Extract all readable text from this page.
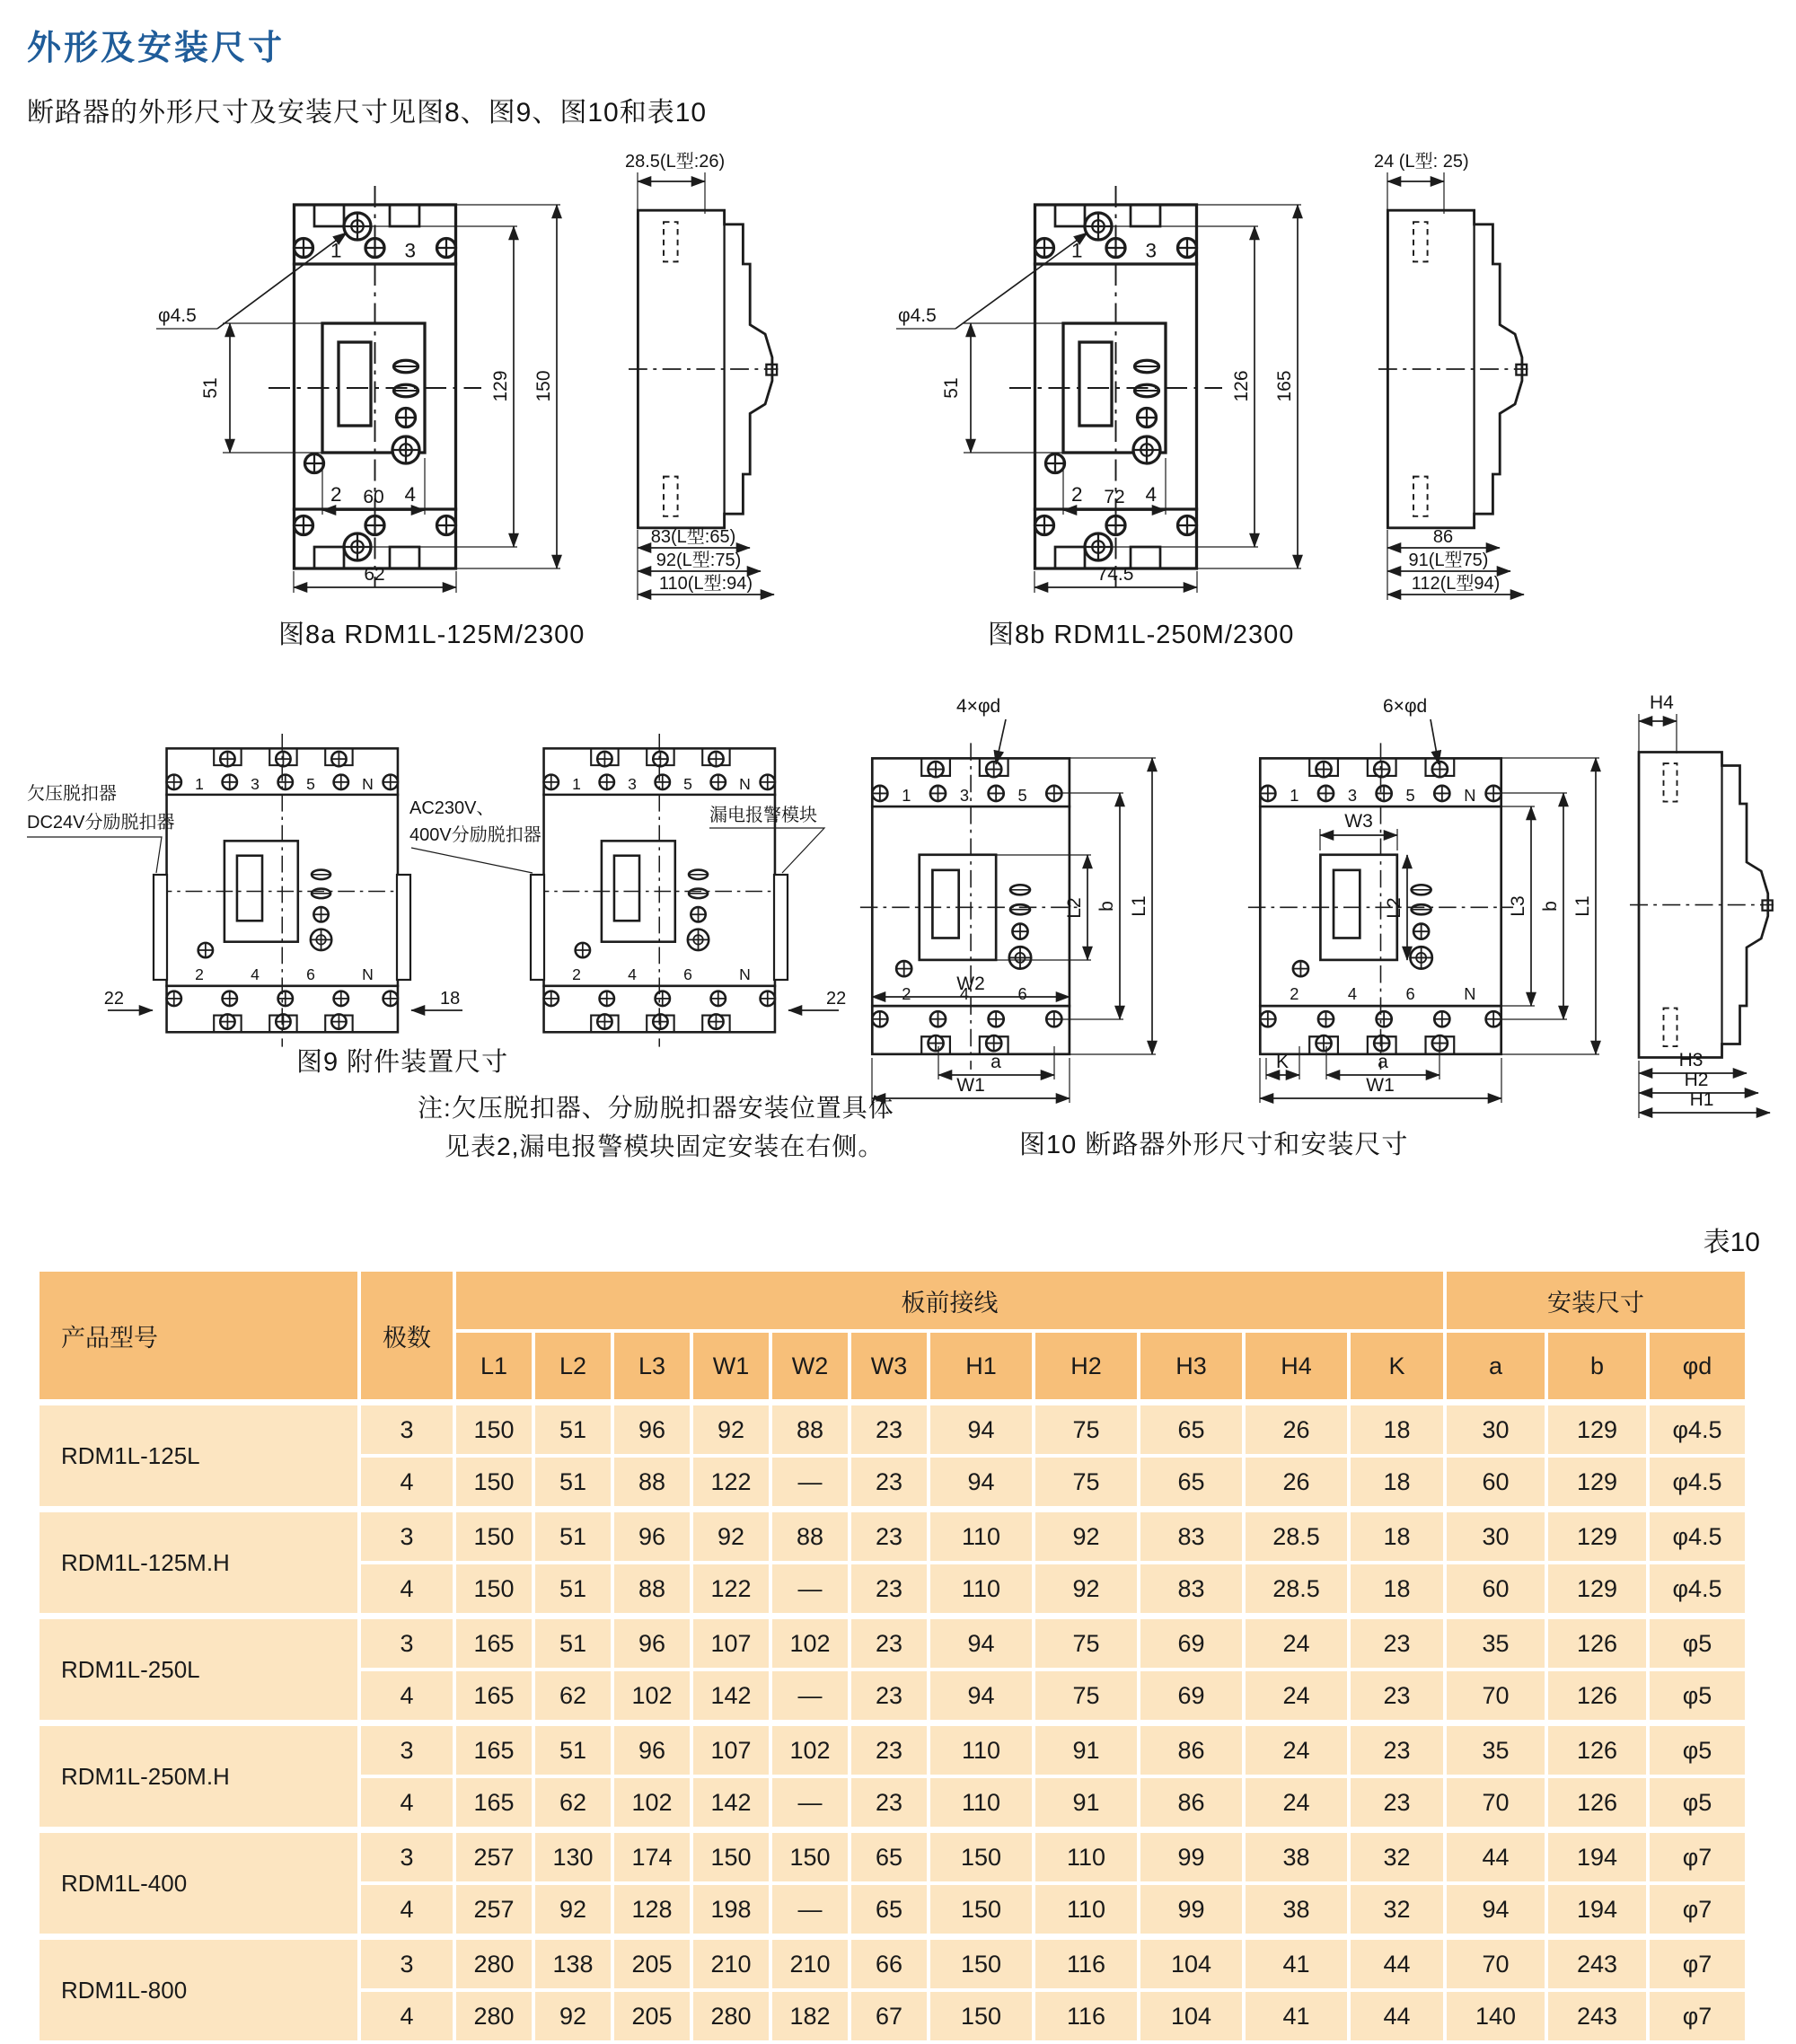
外形及安装尺寸
断路器的外形尺寸及安装尺寸见图8、图9、图10和表10
φ4.5
51
60
62
129 150
28.5(L型:26)
83(L型:65)
92(L型:75)
110(L型:94)
图8a RDM1L-125M/2300
φ4.5
51
72
74.5
126 165
24 (L型: 25)
86
91(L型75)
112(L型94)
图8b RDM1L-250M/2300
欠压脱扣器
DC24V分励脱扣器
AC230V、
400V分励脱扣器
漏电报警模块
22	18	22
图9 附件装置尺寸
注:欠压脱扣器、分励脱扣器安装位置具体
见表2,漏电报警模块固定安装在右侧。
4×φd
L2 b L1
W2
a
W1
6×φd
W3
L2	L3 b L1
K	a
W1
H4
H3
H2
H1
图10 断路器外形尺寸和安装尺寸
表10
产品型号	极数	板前接线											安装尺寸		
		L1	L2	L3	W1	W2	W3	H1	H2	H3	H4	K	a	b	φd
RDM1L-125L	3	150	51	96	92	88	23	94	75	65	26	18	30	129	φ4.5
	4	150	51	88	122	—	23	94	75	65	26	18	60	129	φ4.5
RDM1L-125M.H	3	150	51	96	92	88	23	110	92	83	28.5	18	30	129	φ4.5
	4	150	51	88	122	—	23	110	92	83	28.5	18	60	129	φ4.5
RDM1L-250L	3	165	51	96	107	102	23	94	75	69	24	23	35	126	φ5
	4	165	62	102	142	—	23	94	75	69	24	23	70	126	φ5
RDM1L-250M.H	3	165	51	96	107	102	23	110	91	86	24	23	35	126	φ5
	4	165	62	102	142	—	23	110	91	86	24	23	70	126	φ5
RDM1L-400	3	257	130	174	150	150	65	150	110	99	38	32	44	194	φ7
	4	257	92	128	198	—	65	150	110	99	38	32	94	194	φ7
RDM1L-800	3	280	138	205	210	210	66	150	116	104	41	44	70	243	φ7
	4	280	92	205	280	182	67	150	116	104	41	44	140	243	φ7
